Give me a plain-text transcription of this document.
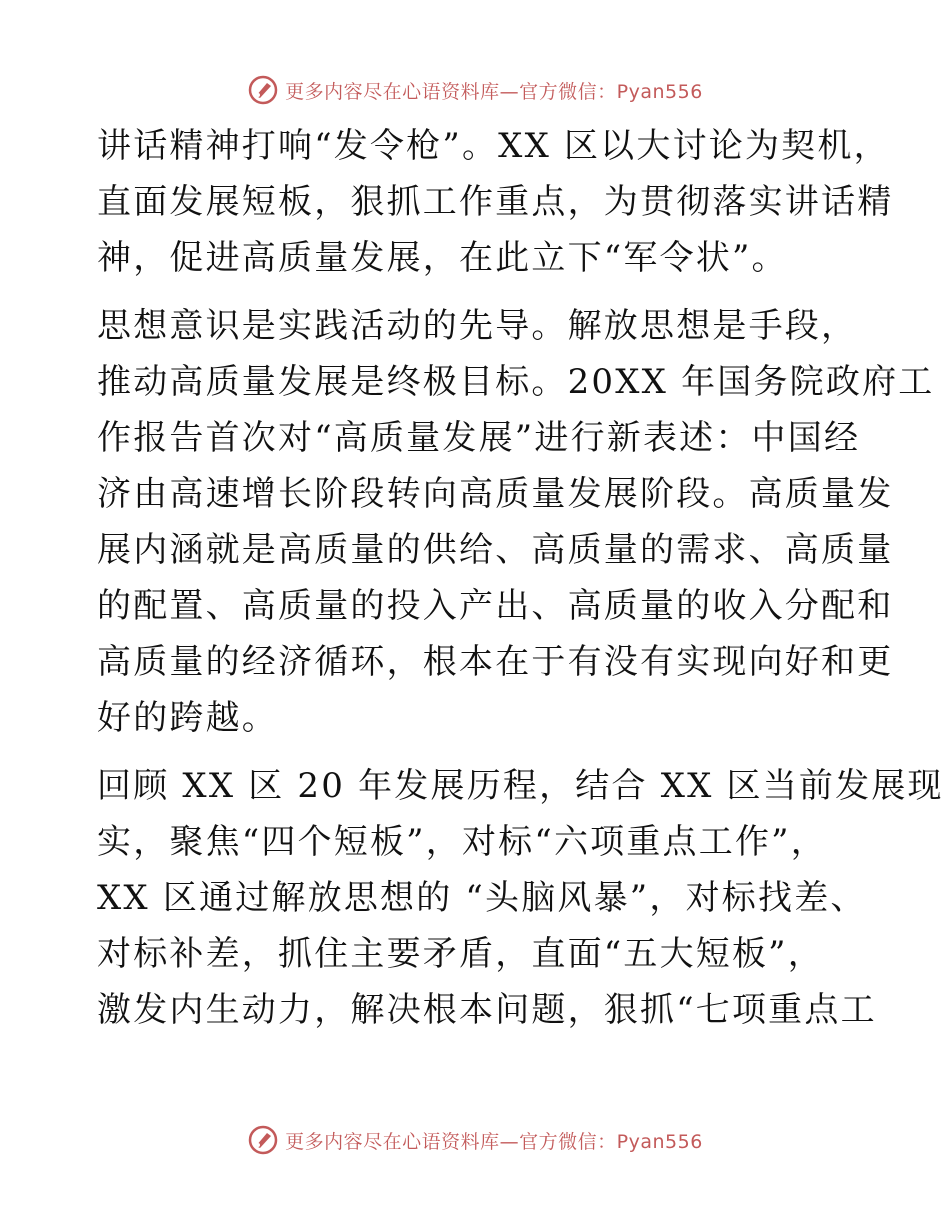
更多内容尽在心语资料库—官方微信：Pyan556
讲话精神打响“发令枪”。XX 区以大讨论为契机，
直面发展短板，狠抓工作重点，为贯彻落实讲话精
神，促进高质量发展，在此立下“军令状”。
思想意识是实践活动的先导。解放思想是手段，
推动高质量发展是终极目标。20XX 年国务院政府工
作报告首次对“高质量发展”进行新表述：中国经
济由高速增长阶段转向高质量发展阶段。高质量发
展内涵就是高质量的供给、高质量的需求、高质量
的配置、高质量的投入产出、高质量的收入分配和
高质量的经济循环，根本在于有没有实现向好和更
好的跨越。
回顾 XX 区 20 年发展历程，结合 XX 区当前发展现
实，聚焦“四个短板”，对标“六项重点工作”，
XX 区通过解放思想的 “头脑风暴”，对标找差、
对标补差，抓住主要矛盾，直面“五大短板”，
激发内生动力，解决根本问题，狠抓“七项重点工
更多内容尽在心语资料库—官方微信：Pyan556
